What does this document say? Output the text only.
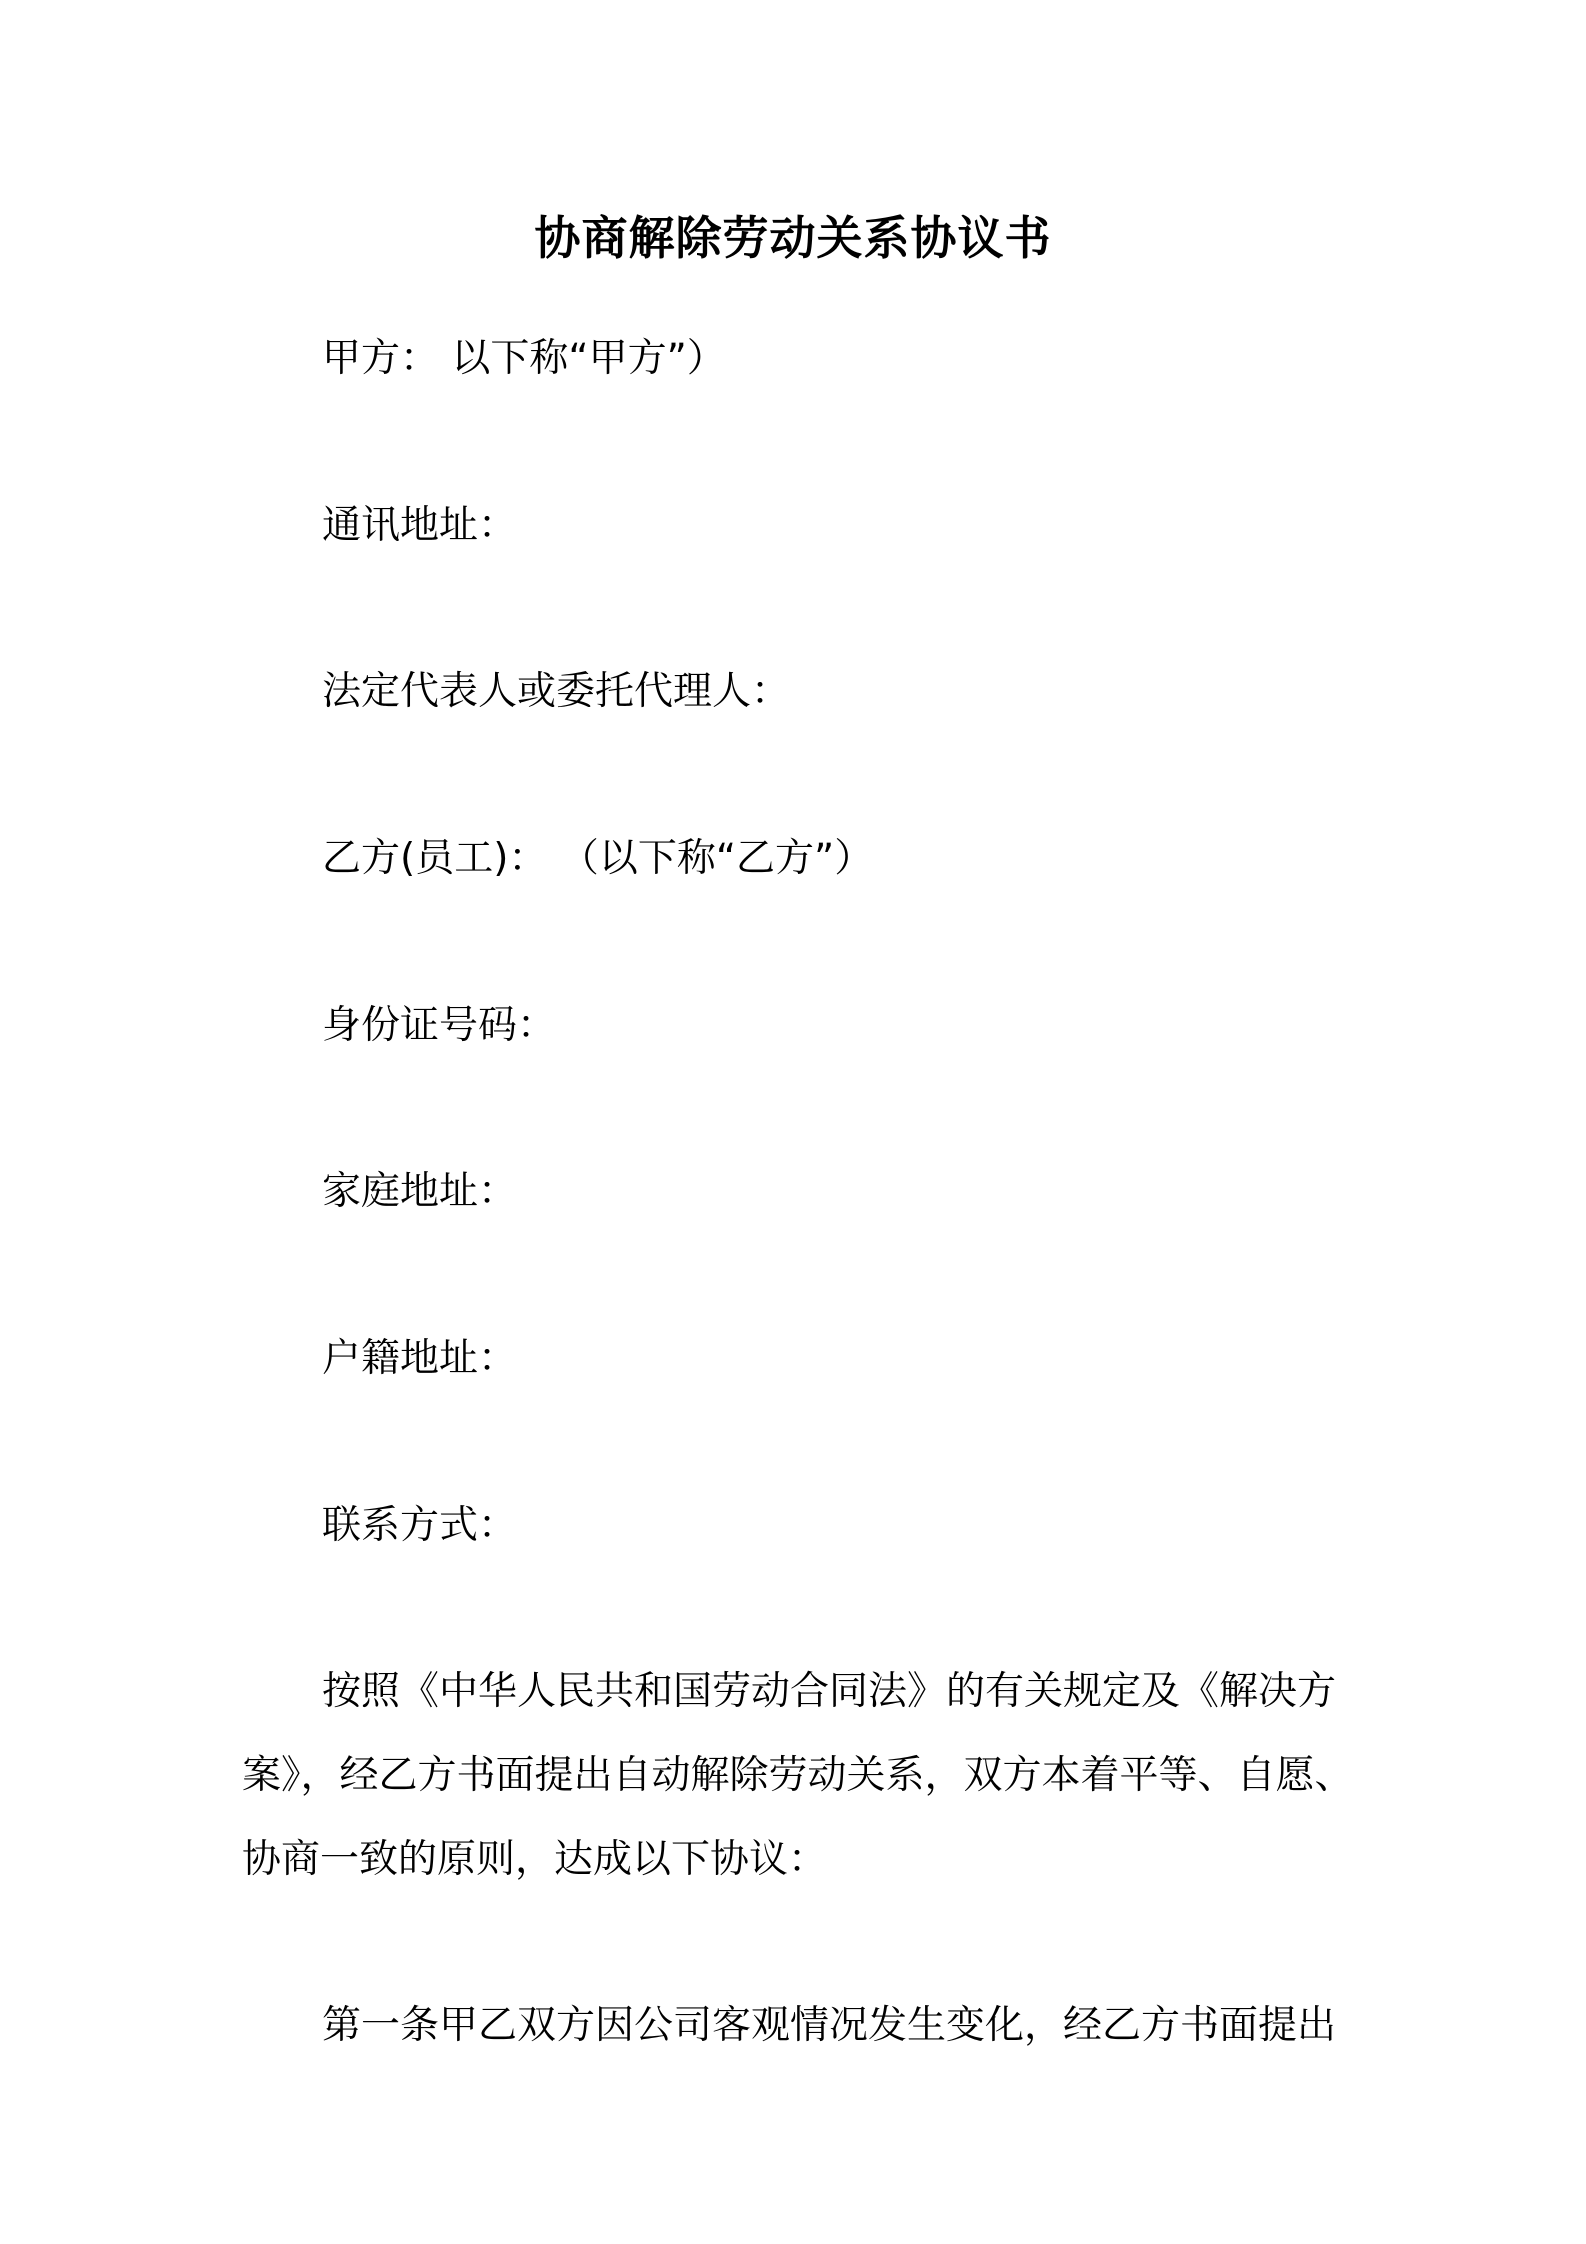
协商解除劳动关系协议书
甲方： 以下称“甲方”）
通讯地址：
法定代表人或委托代理人：
乙方(员工)： （以下称“乙方”）
身份证号码：
家庭地址：
户籍地址：
联系方式：
按照《中华人民共和国劳动合同法》的有关规定及《解决方
案》，经乙方书面提出自动解除劳动关系，双方本着平等、自愿、
协商一致的原则，达成以下协议：
第一条甲乙双方因公司客观情况发生变化，经乙方书面提出
